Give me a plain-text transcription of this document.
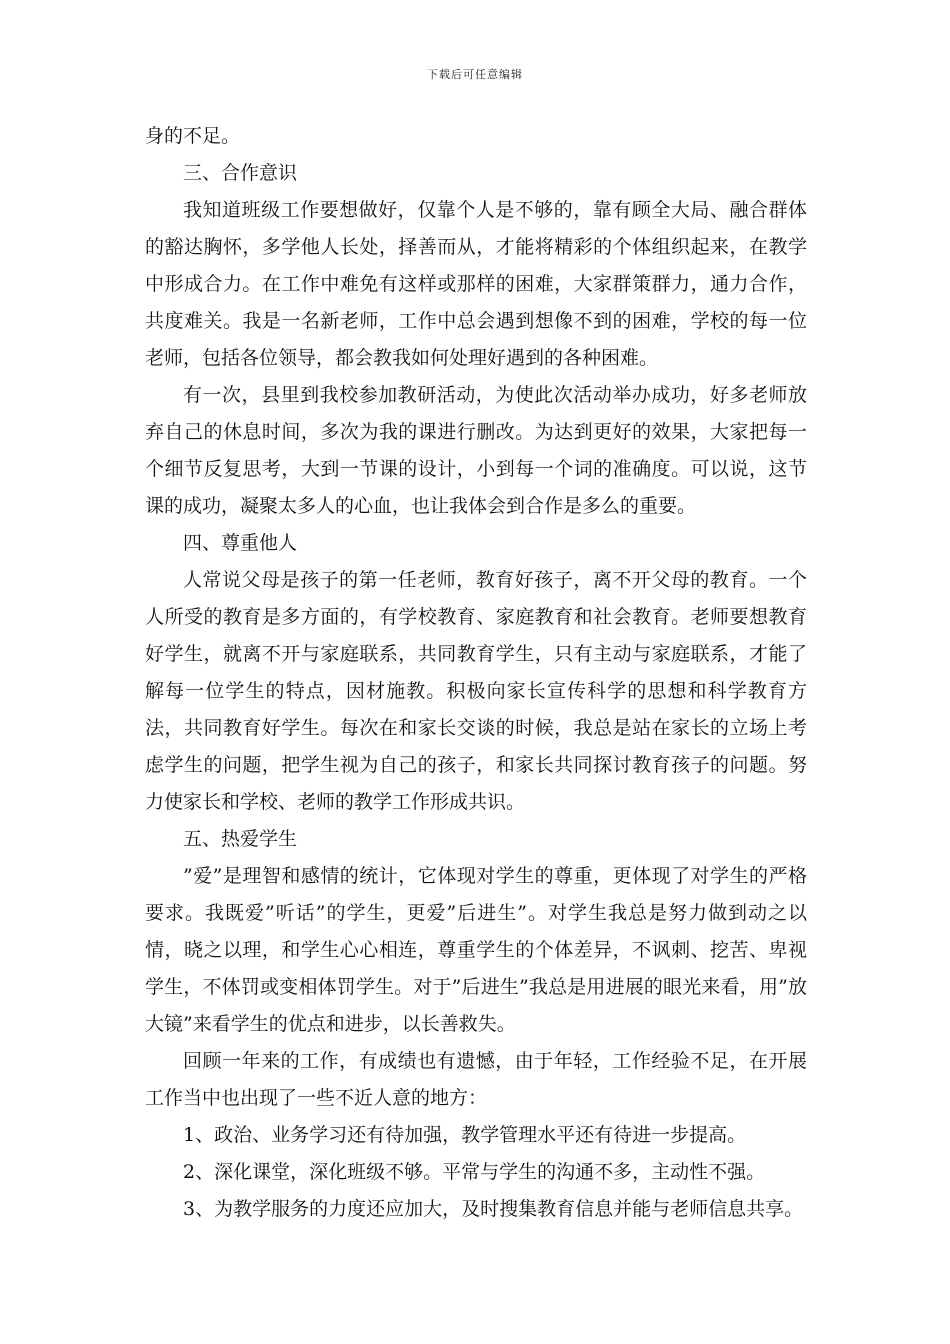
下载后可任意编辑

身的不足。

三、合作意识

我知道班级工作要想做好，仅靠个人是不够的，靠有顾全大局、融合群体的豁达胸怀，多学他人长处，择善而从，才能将精彩的个体组织起来，在教学中形成合力。在工作中难免有这样或那样的困难，大家群策群力，通力合作，共度难关。我是一名新老师，工作中总会遇到想像不到的困难，学校的每一位老师，包括各位领导，都会教我如何处理好遇到的各种困难。

有一次，县里到我校参加教研活动，为使此次活动举办成功，好多老师放弃自己的休息时间，多次为我的课进行删改。为达到更好的效果，大家把每一个细节反复思考，大到一节课的设计，小到每一个词的准确度。可以说，这节课的成功，凝聚太多人的心血，也让我体会到合作是多么的重要。

四、尊重他人

人常说父母是孩子的第一任老师，教育好孩子，离不开父母的教育。一个人所受的教育是多方面的，有学校教育、家庭教育和社会教育。老师要想教育好学生，就离不开与家庭联系，共同教育学生，只有主动与家庭联系，才能了解每一位学生的特点，因材施教。积极向家长宣传科学的思想和科学教育方法，共同教育好学生。每次在和家长交谈的时候，我总是站在家长的立场上考虑学生的问题，把学生视为自己的孩子，和家长共同探讨教育孩子的问题。努力使家长和学校、老师的教学工作形成共识。

五、热爱学生

”爱”是理智和感情的统计，它体现对学生的尊重，更体现了对学生的严格要求。我既爱”听话”的学生，更爱”后进生”。对学生我总是努力做到动之以情，晓之以理，和学生心心相连，尊重学生的个体差异，不讽刺、挖苦、卑视学生，不体罚或变相体罚学生。对于”后进生”我总是用进展的眼光来看，用”放大镜”来看学生的优点和进步，以长善救失。

回顾一年来的工作，有成绩也有遗憾，由于年轻，工作经验不足，在开展工作当中也出现了一些不近人意的地方：

1、政治、业务学习还有待加强，教学管理水平还有待进一步提高。

2、深化课堂，深化班级不够。平常与学生的沟通不多，主动性不强。

3、为教学服务的力度还应加大，及时搜集教育信息并能与老师信息共享。
